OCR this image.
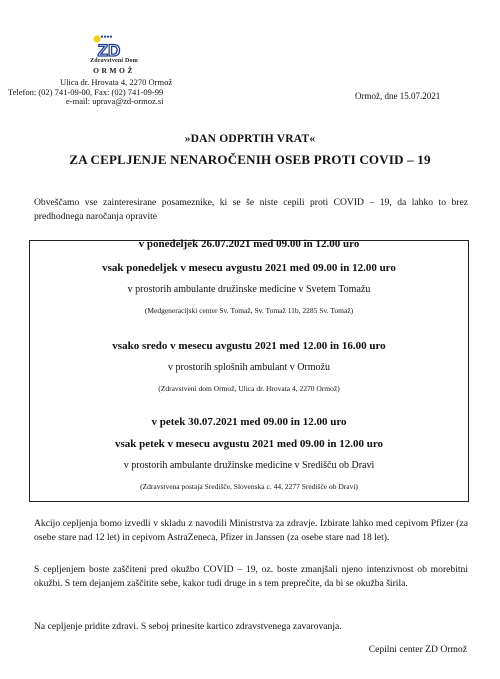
ZD
Zdravstveni Dom
ORMOŽ
Ulica dr. Hrovata 4, 2270 Ormož
Telefon: (02) 741-09-00, Fax: (02) 741-09-99
e-mail: uprava@zd-ormoz.si	Ormož, dne 15.07.2021
»DAN ODPRTIH VRAT«
ZA CEPLJENJE NENAROČENIH OSEB PROTI COVID – 19
Obveščamo vse zainteresirane posameznike, ki se še niste cepili proti COVID – 19, da lahko to brez predhodnega naročanja opravite
v ponedeljek 26.07.2021 med 09.00 in 12.00 uro
vsak ponedeljek v mesecu avgustu 2021 med 09.00 in 12.00 uro
v prostorih ambulante družinske medicine v Svetem Tomažu
(Medgeneracijski center Sv. Tomaž, Sv. Tomaž 11b, 2285 Sv. Tomaž)
vsako sredo v mesecu avgustu 2021 med 12.00 in 16.00 uro
v prostorih splošnih ambulant v Ormožu
(Zdravstveni dom Ormož, Ulica dr. Hrovata 4, 2270 Ormož)
v petek 30.07.2021 med 09.00 in 12.00 uro
vsak petek v mesecu avgustu 2021 med 09.00 in 12.00 uro
v prostorih ambulante družinske medicine v Središču ob Dravi
(Zdravstvena postaja Središče, Slovenska c. 44, 2277 Središče ob Dravi)
Akcijo cepljenja bomo izvedli v skladu z navodili Ministrstva za zdravje. Izbirate lahko med cepivom Pfizer (za osebe stare nad 12 let) in cepivom AstraZeneca, Pfizer in Janssen (za osebe stare nad 18 let).
S cepljenjem boste zaščiteni pred okužbo COVID – 19, oz. boste zmanjšali njeno intenzivnost ob morebitni okužbi. S tem dejanjem zaščitite sebe, kakor tudi druge in s tem preprečite, da bi se okužba širila.
Na cepljenje pridite zdravi. S seboj prinesite kartico zdravstvenega zavarovanja.
Cepilni center ZD Ormož
